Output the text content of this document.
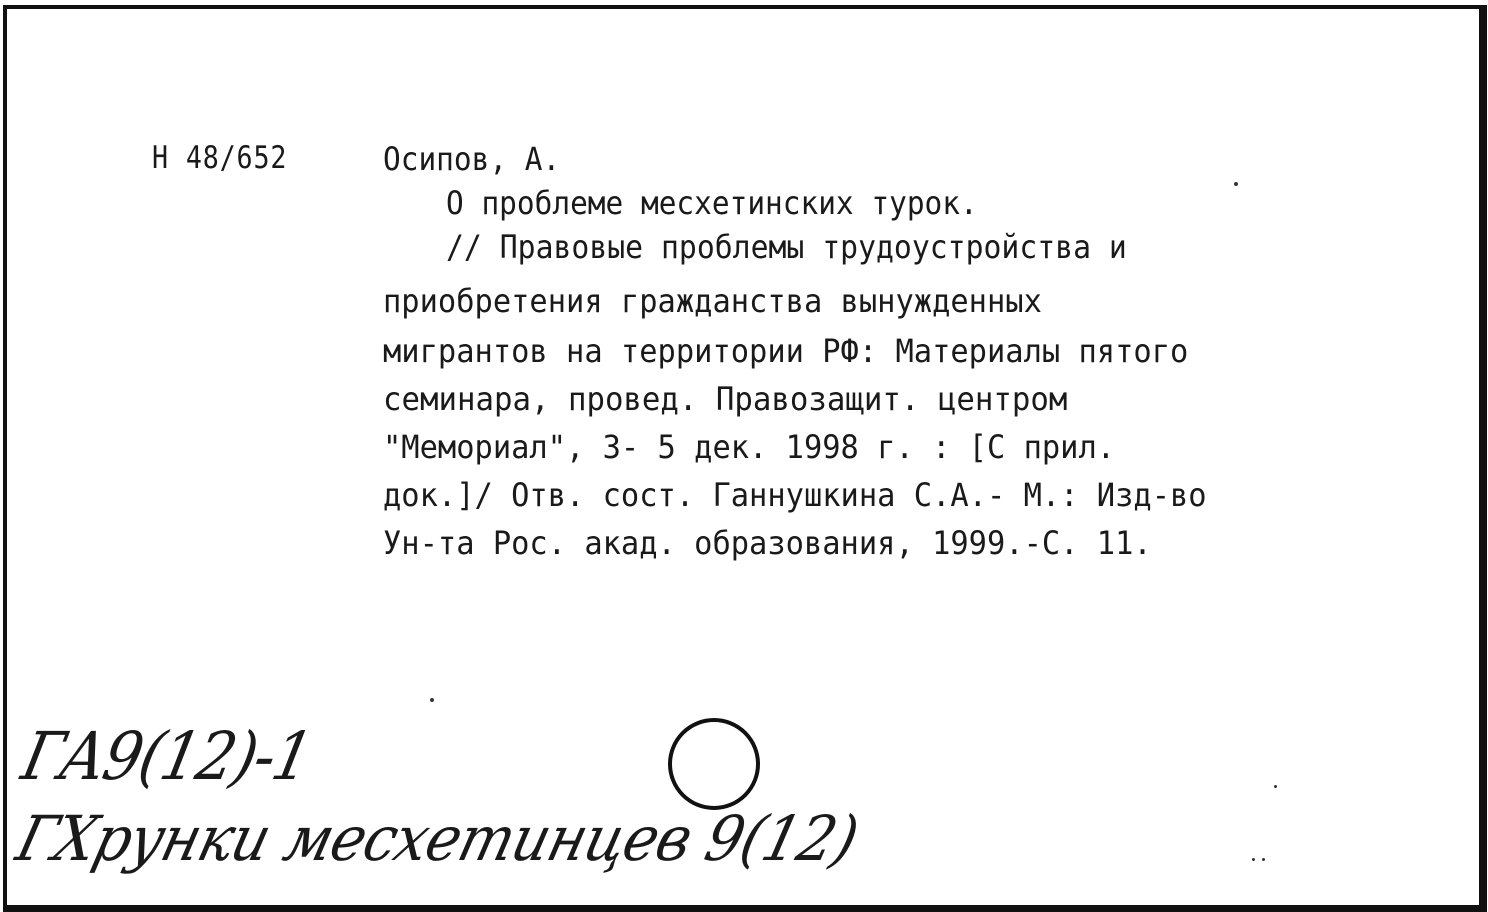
Н 48/652	Осипов, А.
О проблеме месхетинских турок.
// Правовые проблемы трудоустройства и
приобретения гражданства вынужденных
мигрантов на территории РФ: Материалы пятого
семинара, провед. Правозащит. центром
"Мемориал", 3- 5 дек. 1998 г. : [С прил.
док.]/ Отв. сост. Ганнушкина С.А.- М.: Изд-во
Ун-та Рос. акад. образования, 1999.-С. 11.
ГА9(12)-1
ГХрунки месхетинцев 9(12)
